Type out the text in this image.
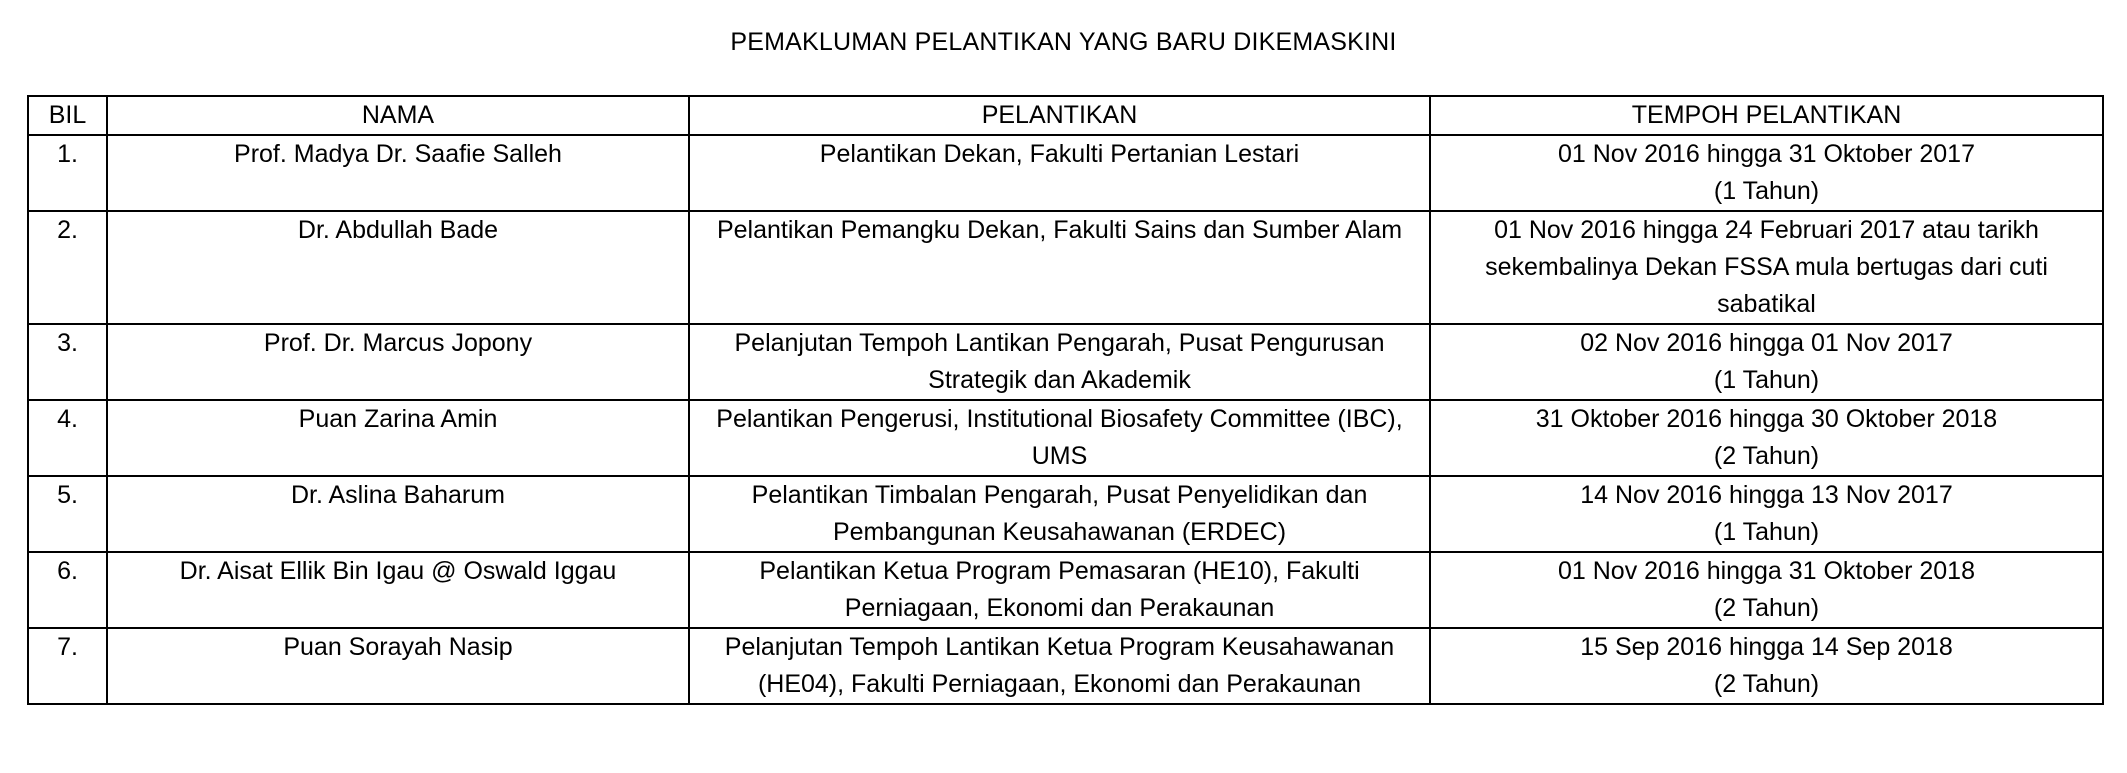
PEMAKLUMAN PELANTIKAN YANG BARU DIKEMASKINI
BIL	NAMA	PELANTIKAN	TEMPOH PELANTIKAN
1.	Prof. Madya Dr. Saafie Salleh	Pelantikan Dekan, Fakulti Pertanian Lestari	01 Nov 2016 hingga 31 Oktober 2017
(1 Tahun)

2.	Dr. Abdullah Bade	Pelantikan Pemangku Dekan, Fakulti Sains dan Sumber Alam	01 Nov 2016 hingga 24 Februari 2017 atau tarikh sekembalinya Dekan FSSA mula bertugas dari cuti sabatikal

3.	Prof. Dr. Marcus Jopony	Pelanjutan Tempoh Lantikan Pengarah, Pusat Pengurusan Strategik dan Akademik	02 Nov 2016 hingga 01 Nov 2017
(1 Tahun)

4.	Puan Zarina Amin	Pelantikan Pengerusi, Institutional Biosafety Committee (IBC), UMS	31 Oktober 2016 hingga 30 Oktober 2018
(2 Tahun)

5.	Dr. Aslina Baharum	Pelantikan Timbalan Pengarah, Pusat Penyelidikan dan Pembangunan Keusahawanan (ERDEC)	14 Nov 2016 hingga 13 Nov 2017
(1 Tahun)

6.	Dr. Aisat Ellik Bin Igau @ Oswald Iggau	Pelantikan Ketua Program Pemasaran (HE10), Fakulti Perniagaan, Ekonomi dan Perakaunan	01 Nov 2016 hingga 31 Oktober 2018
(2 Tahun)

7.	Puan Sorayah Nasip	Pelanjutan Tempoh Lantikan Ketua Program Keusahawanan (HE04), Fakulti Perniagaan, Ekonomi dan Perakaunan	15 Sep 2016 hingga 14 Sep 2018
(2 Tahun)
